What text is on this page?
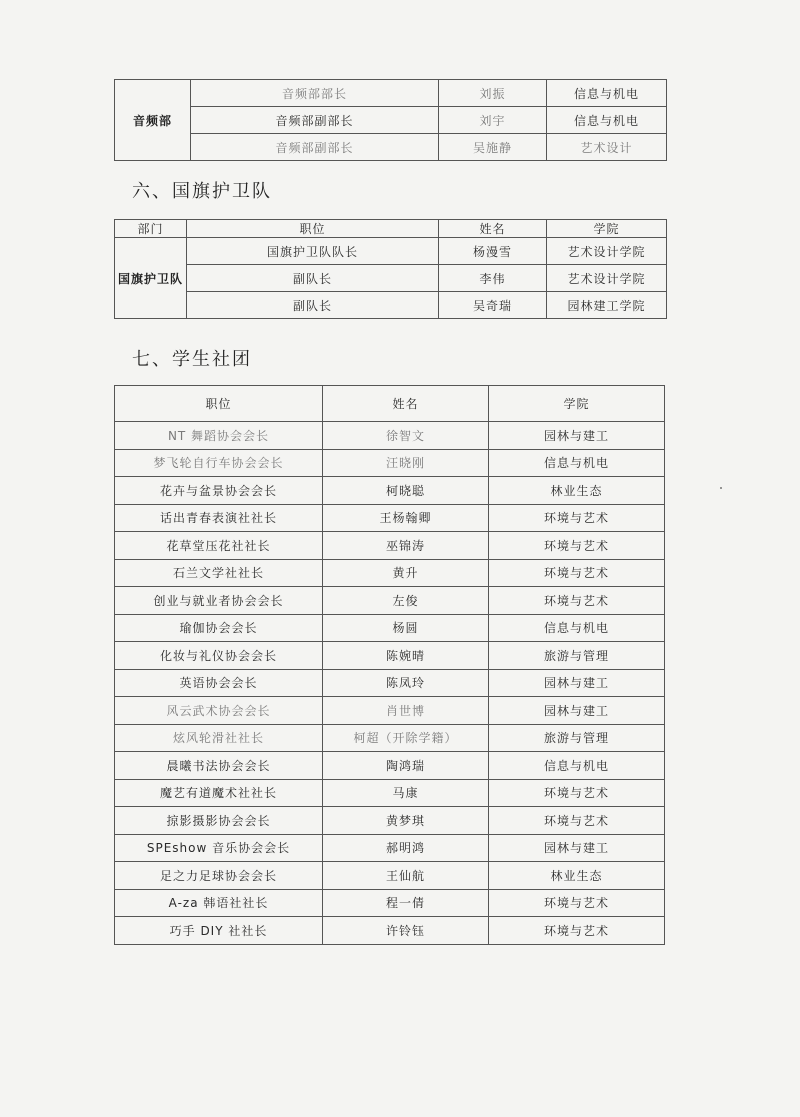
音频部	音频部部长	刘振	信息与机电
	音频部副部长	刘宇	信息与机电
	音频部副部长	吴施静	艺术设计
六、国旗护卫队
部门	职位	姓名	学院
国旗护卫队	国旗护卫队队长	杨漫雪	艺术设计学院
	副队长	李伟	艺术设计学院
	副队长	吴奇瑞	园林建工学院
七、学生社团
职位	姓名	学院
NT 舞蹈协会会长	徐智文	园林与建工
梦飞轮自行车协会会长	汪晓刚	信息与机电
花卉与盆景协会会长	柯晓聪	林业生态
话出青春表演社社长	王杨翰卿	环境与艺术
花草堂压花社社长	巫锦涛	环境与艺术
石兰文学社社长	黄升	环境与艺术
创业与就业者协会会长	左俊	环境与艺术
瑜伽协会会长	杨圆	信息与机电
化妆与礼仪协会会长	陈婉晴	旅游与管理
英语协会会长	陈凤玲	园林与建工
风云武术协会会长	肖世博	园林与建工
炫风轮滑社社长	柯超（开除学籍）	旅游与管理
晨曦书法协会会长	陶鸿瑞	信息与机电
魔艺有道魔术社社长	马康	环境与艺术
掠影摄影协会会长	黄梦琪	环境与艺术
SPEshow 音乐协会会长	郝明鸿	园林与建工
足之力足球协会会长	王仙航	林业生态
A-za 韩语社社长	程一倩	环境与艺术
巧手 DIY 社社长	许铃钰	环境与艺术
